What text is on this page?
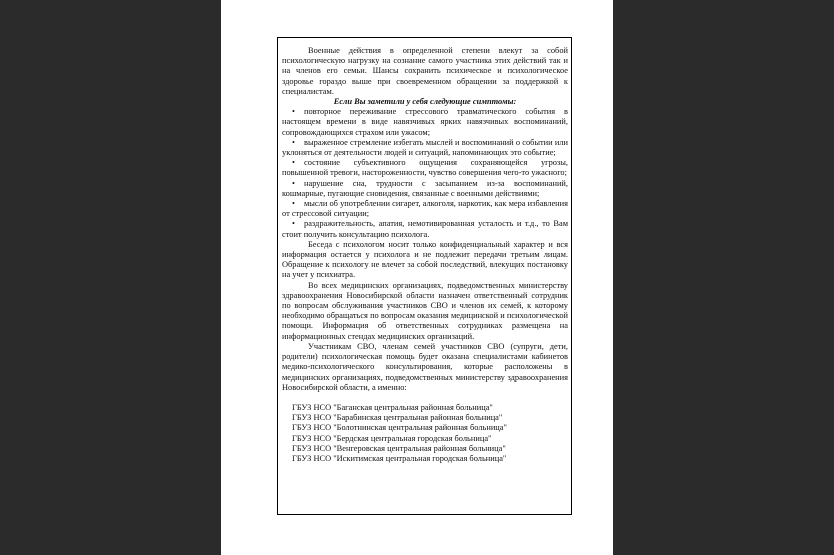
Военные действия в определенной степени влекут за собой психологическую нагрузку на сознание самого участника этих действий так и на членов его семьи. Шансы сохранить психическое и психологическое здоровье гораздо выше при своевременном обращении за поддержкой к специалистам.

Если Вы заметили у себя следующие симптомы:

• повторное переживание стрессового травматического события в настоящем времени в виде навязчивых ярких навязчивых воспоминаний, сопровождающихся страхом или ужасом;
• выраженное стремление избегать мыслей и воспоминаний о событии или уклоняться от деятельности людей и ситуаций, напоминающих это событие;
• состояние субъективного ощущения сохраняющейся угрозы, повышенной тревоги, настороженности, чувство совершения чего-то ужасного;
• нарушение сна, трудности с засыпанием из-за воспоминаний, кошмарные, пугающие сновидения, связанные с военными действиями;
• мысли об употреблении сигарет, алкоголя, наркотик, как мера избавления от стрессовой ситуации;
• раздражительность, апатия, немотивированная усталость и т.д., то Вам стоит получить консультацию психолога.

Беседа с психологом носит только конфиденциальный характер и вся информация остается у психолога и не подлежит передачи третьим лицам. Обращение к психологу не влечет за собой последствий, влекущих постановку на учет у психиатра.

Во всех медицинских организациях, подведомственных министерству здравоохранения Новосибирской области назначен ответственный сотрудник по вопросам обслуживания участников СВО и членов их семей, к которому необходимо обращаться по вопросам оказания медицинской и психологической помощи. Информация об ответственных сотрудниках размещена на информационных стендах медицинских организаций.

Участникам СВО, членам семей участников СВО (супруги, дети, родители) психологическая помощь будет оказана специалистами кабинетов медико-психологического консультирования, которые расположены в медицинских организациях, подведомственных министерству здравоохранения Новосибирской области, а именно:

ГБУЗ НСО "Баганская центральная районная больница"
ГБУЗ НСО "Барабинская центральная районная больница"
ГБУЗ НСО "Болотнинская центральная районная больница"
ГБУЗ НСО "Бердская центральная городская больница"
ГБУЗ НСО "Венгеровская центральная районная больница"
ГБУЗ НСО "Искитимская центральная городская больница"
